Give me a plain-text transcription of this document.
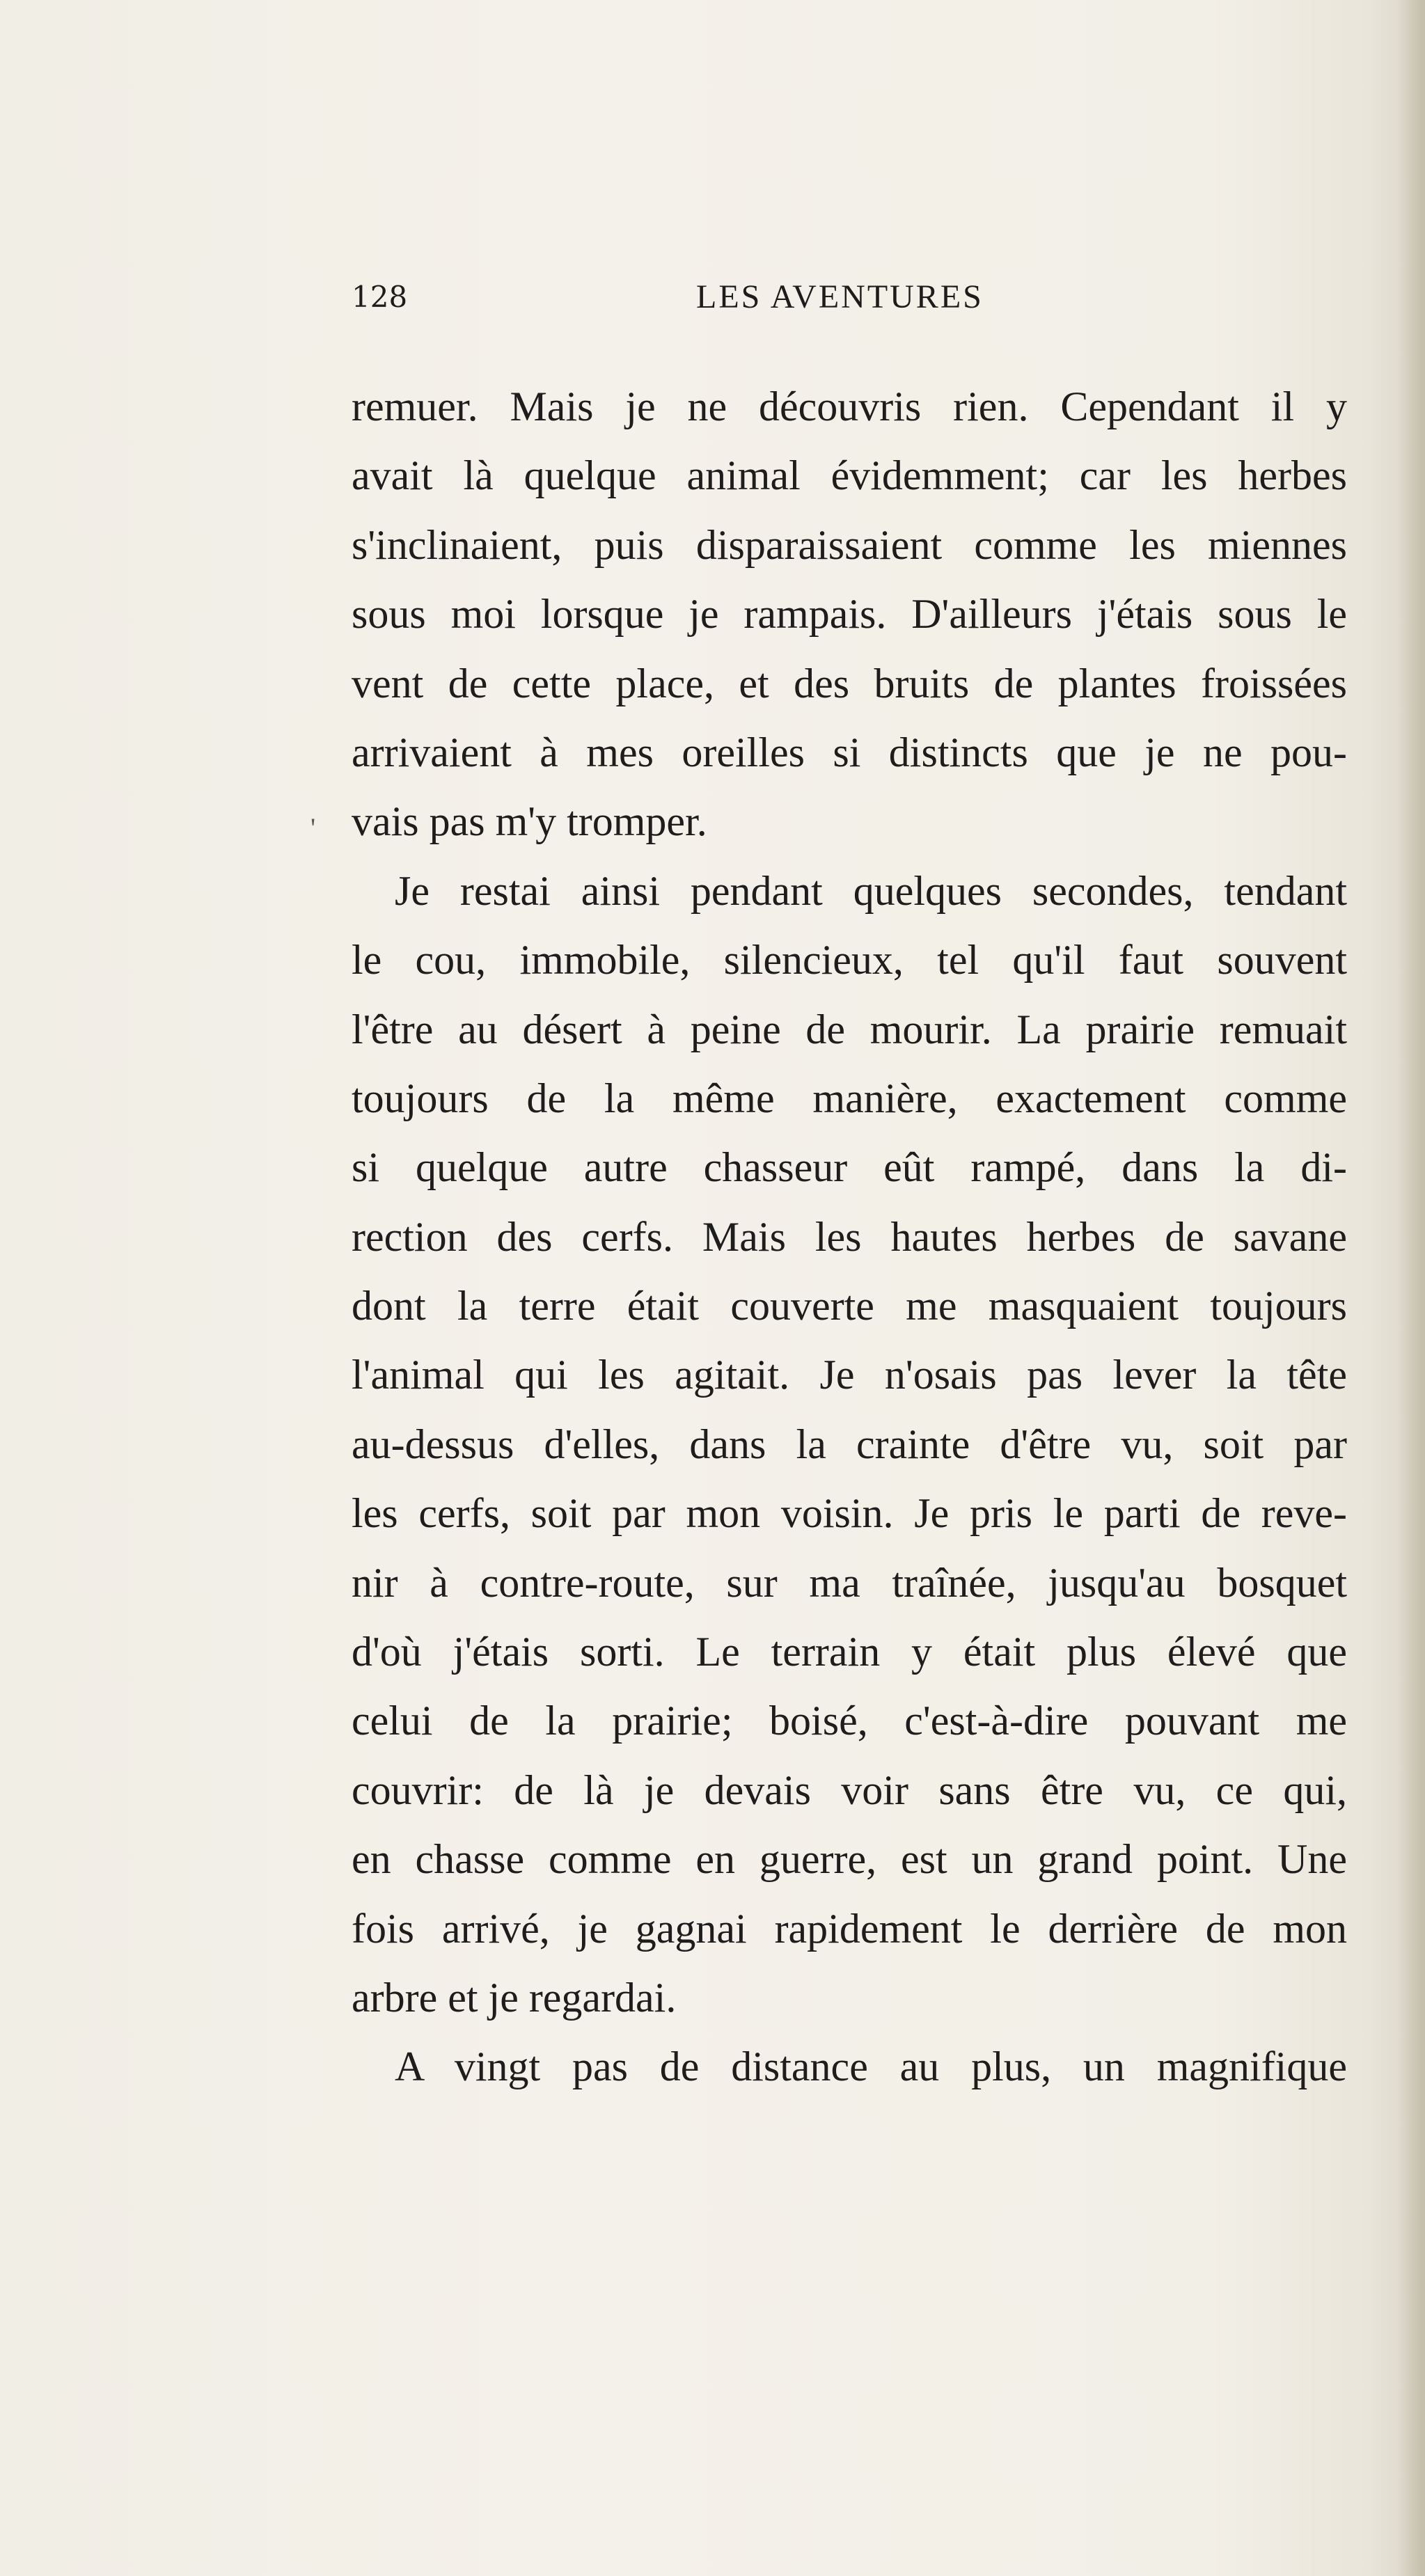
128	LES AVENTURES
'
remuer. Mais je ne découvris rien. Cependant il y
avait là quelque animal évidemment; car les herbes
s'inclinaient, puis disparaissaient comme les miennes
sous moi lorsque je rampais. D'ailleurs j'étais sous le
vent de cette place, et des bruits de plantes froissées
arrivaient à mes oreilles si distincts que je ne pou-
vais pas m'y tromper.
Je restai ainsi pendant quelques secondes, tendant
le cou, immobile, silencieux, tel qu'il faut souvent
l'être au désert à peine de mourir. La prairie remuait
toujours de la même manière, exactement comme
si quelque autre chasseur eût rampé, dans la di-
rection des cerfs. Mais les hautes herbes de savane
dont la terre était couverte me masquaient toujours
l'animal qui les agitait. Je n'osais pas lever la tête
au-dessus d'elles, dans la crainte d'être vu, soit par
les cerfs, soit par mon voisin. Je pris le parti de reve-
nir à contre-route, sur ma traînée, jusqu'au bosquet
d'où j'étais sorti. Le terrain y était plus élevé que
celui de la prairie; boisé, c'est-à-dire pouvant me
couvrir: de là je devais voir sans être vu, ce qui,
en chasse comme en guerre, est un grand point. Une
fois arrivé, je gagnai rapidement le derrière de mon
arbre et je regardai.
A vingt pas de distance au plus, un magnifique
